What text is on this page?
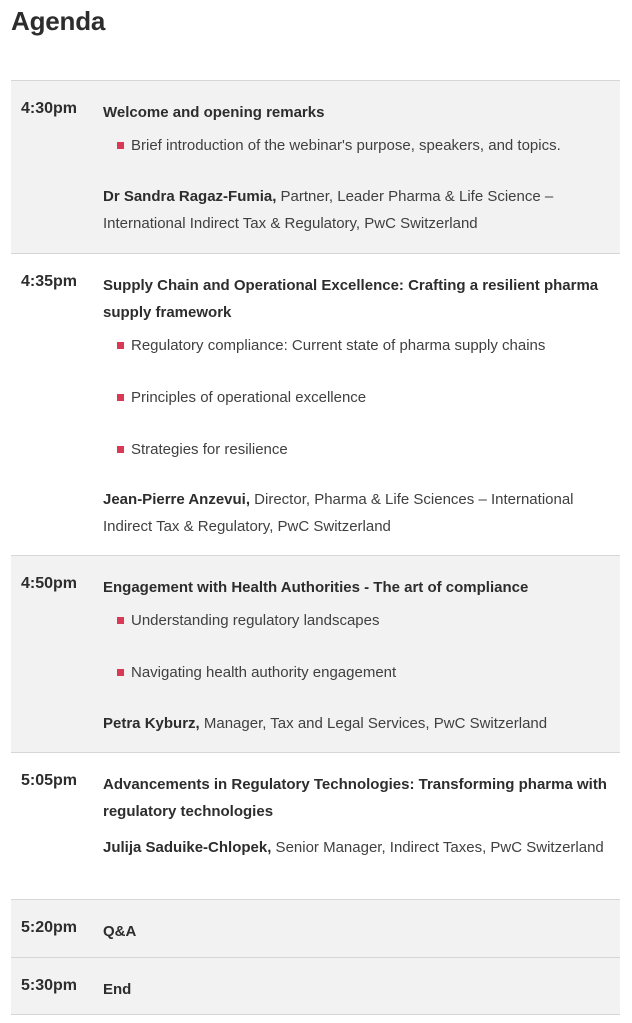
Agenda
4:30pm	Welcome and opening remarks
Brief introduction of the webinar's purpose, speakers, and topics.
Dr Sandra Ragaz-Fumia, Partner, Leader Pharma & Life Science – International Indirect Tax & Regulatory, PwC Switzerland
4:35pm	Supply Chain and Operational Excellence: Crafting a resilient pharma supply framework
Regulatory compliance: Current state of pharma supply chains
Principles of operational excellence
Strategies for resilience
Jean-Pierre Anzevui, Director, Pharma & Life Sciences – International Indirect Tax & Regulatory, PwC Switzerland
4:50pm	Engagement with Health Authorities - The art of compliance
Understanding regulatory landscapes
Navigating health authority engagement
Petra Kyburz, Manager, Tax and Legal Services, PwC Switzerland
5:05pm	Advancements in Regulatory Technologies: Transforming pharma with regulatory technologies
Julija Saduike-Chlopek, Senior Manager, Indirect Taxes, PwC Switzerland
5:20pm	Q&A
5:30pm	End
